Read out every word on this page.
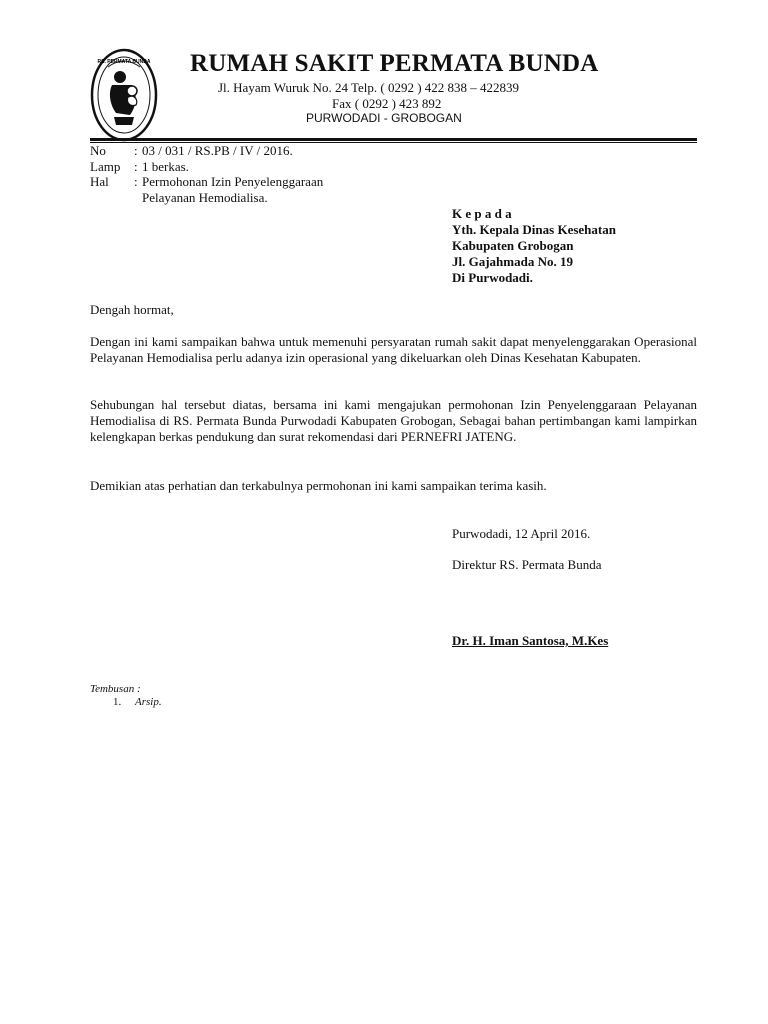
RS. PERMATA BUNDA RUMAH SAKIT PERMATA BUNDA
Jl. Hayam Wuruk No. 24 Telp. ( 0292 ) 422 838 – 422839
Fax ( 0292 ) 423 892
PURWODADI - GROBOGAN
No : 03 / 031 / RS.PB / IV / 2016.
Lamp : 1 berkas.
Hal : Permohonan Izin Penyelenggaraan
Pelayanan Hemodialisa.
K e p a d a
Yth. Kepala Dinas Kesehatan
Kabupaten Grobogan
Jl. Gajahmada No. 19
Di Purwodadi.
Dengah hormat,
Dengan ini kami sampaikan bahwa untuk memenuhi persyaratan rumah sakit dapat menyelenggarakan Operasional Pelayanan Hemodialisa perlu adanya izin operasional yang dikeluarkan oleh Dinas Kesehatan Kabupaten.
Sehubungan hal tersebut diatas, bersama ini kami mengajukan permohonan Izin Penyelenggaraan Pelayanan Hemodialisa di RS. Permata Bunda Purwodadi Kabupaten Grobogan, Sebagai bahan pertimbangan kami lampirkan kelengkapan berkas pendukung dan surat rekomendasi dari PERNEFRI JATENG.
Demikian atas perhatian dan terkabulnya permohonan ini kami sampaikan terima kasih.
Purwodadi, 12 April 2016.
Direktur RS. Permata Bunda
Dr. H. Iman Santosa, M.Kes
Tembusan :
1. Arsip.
